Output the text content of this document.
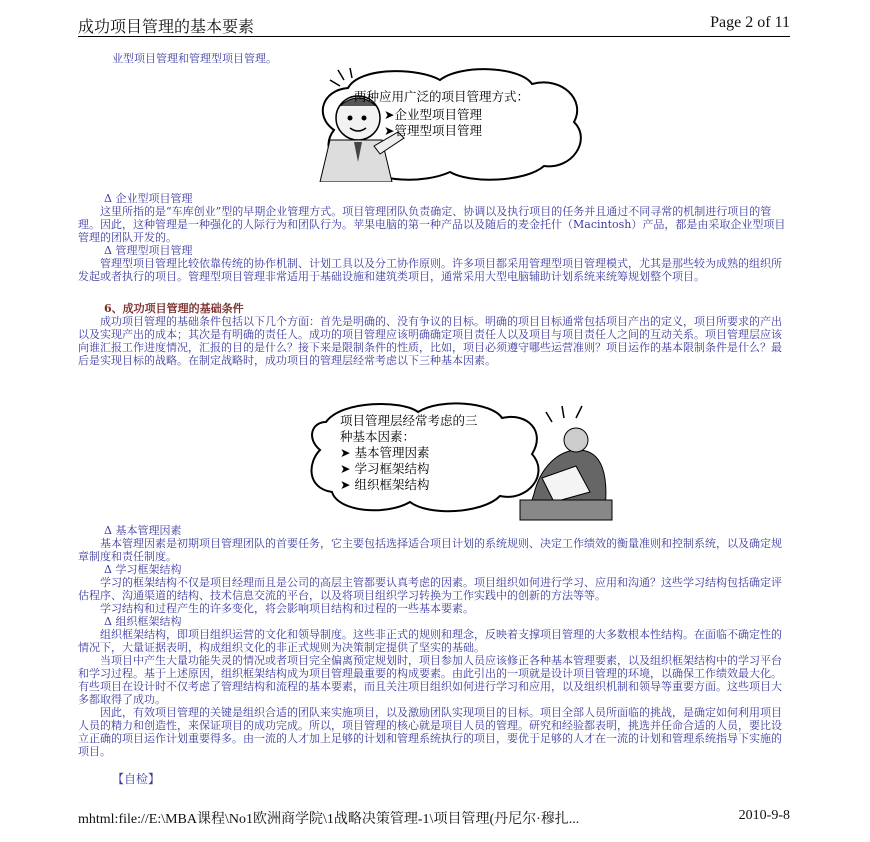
成功项目管理的基本要素	Page 2 of 11
业型项目管理和管理型项目管理。
两种应用广泛的项目管理方式：
➤企业型项目管理
➤管理型项目管理

Δ 企业型项目管理

这里所指的是“车库创业”型的早期企业管理方式。项目管理团队负责确定、协调以及执行项目的任务并且通过不同寻常的机制进行项目的管理。因此，这种管理是一种强化的人际行为和团队行为。苹果电脑的第一种产品以及随后的麦金托什（Macintosh）产品，都是由采取企业型项目管理的团队开发的。

Δ 管理型项目管理

管理型项目管理比较依靠传统的协作机制、计划工具以及分工协作原则。许多项目都采用管理型项目管理模式，尤其是那些较为成熟的组织所发起或者执行的项目。管理型项目管理非常适用于基础设施和建筑类项目，通常采用大型电脑辅助计划系统来统筹规划整个项目。

6、成功项目管理的基础条件

成功项目管理的基础条件包括以下几个方面：首先是明确的、没有争议的目标。明确的项目目标通常包括项目产出的定义，项目所要求的产出以及实现产出的成本；其次是有明确的责任人。成功的项目管理应该明确确定项目责任人以及项目与项目责任人之间的互动关系。项目管理层应该向谁汇报工作进度情况，汇报的目的是什么？接下来是限制条件的性质，比如，项目必须遵守哪些运营准则？项目运作的基本限制条件是什么？最后是实现目标的战略。在制定战略时，成功项目的管理层经常考虑以下三种基本因素。

项目管理层经常考虑的三
种基本因素：
➤ 基本管理因素
➤ 学习框架结构
➤ 组织框架结构

Δ 基本管理因素

基本管理因素是初期项目管理团队的首要任务，它主要包括选择适合项目计划的系统规则、决定工作绩效的衡量准则和控制系统，以及确定规章制度和责任制度。

Δ 学习框架结构

学习的框架结构不仅是项目经理而且是公司的高层主管都要认真考虑的因素。项目组织如何进行学习、应用和沟通？这些学习结构包括确定评估程序、沟通渠道的结构、技术信息交流的平台，以及将项目组织学习转换为工作实践中的创新的方法等等。

学习结构和过程产生的许多变化，将会影响项目结构和过程的一些基本要素。

Δ 组织框架结构

组织框架结构，即项目组织运营的文化和领导制度。这些非正式的规则和理念，反映着支撑项目管理的大多数根本性结构。在面临不确定性的情况下，大量证据表明，构成组织文化的非正式规则为决策制定提供了坚实的基础。

当项目中产生大量功能失灵的情况或者项目完全偏离预定规划时，项目参加人员应该修正各种基本管理要素，以及组织框架结构中的学习平台和学习过程。基于上述原因，组织框架结构成为项目管理最重要的构成要素。由此引出的一项就是设计项目管理的环境，以确保工作绩效最大化。有些项目在设计时不仅考虑了管理结构和流程的基本要素，而且关注项目组织如何进行学习和应用，以及组织机制和领导等重要方面。这些项目大多都取得了成功。

因此，有效项目管理的关键是组织合适的团队来实施项目，以及激励团队实现项目的目标。项目全部人员所面临的挑战，是确定如何利用项目人员的精力和创造性，来保证项目的成功完成。所以，项目管理的核心就是项目人员的管理。研究和经验都表明，挑选并任命合适的人员，要比设立正确的项目运作计划重要得多。由一流的人才加上足够的计划和管理系统执行的项目，要优于足够的人才在一流的计划和管理系统指导下实施的项目。

【自检】
mhtml:file://E:\MBA课程\No1欧洲商学院\1战略决策管理-1\项目管理(丹尼尔·穆扎...	2010-9-8
